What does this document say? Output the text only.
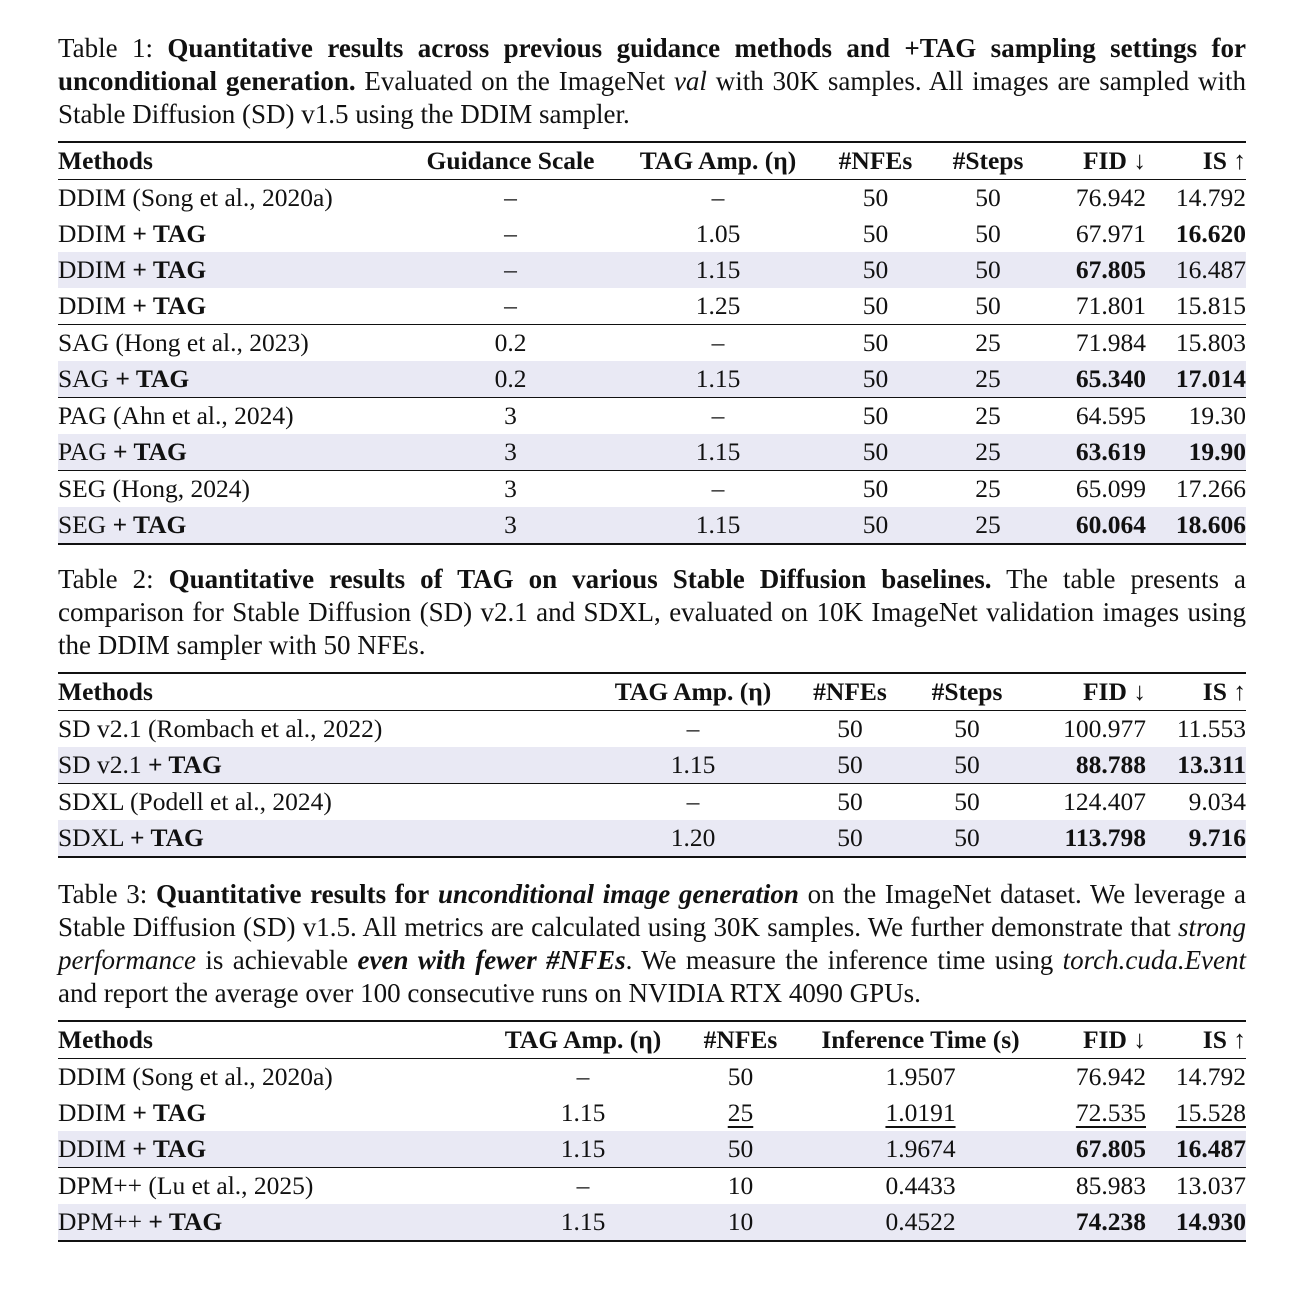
Table 1: Quantitative results across previous guidance methods and +TAG sampling settings for unconditional generation. Evaluated on the ImageNet val with 30K samples. All images are sampled with Stable Diffusion (SD) v1.5 using the DDIM sampler.

Methods	Guidance Scale	TAG Amp. (η)	#NFEs	#Steps	FID ↓	IS ↑
DDIM (Song et al., 2020a)	–	–	50	50	76.942	14.792
DDIM + TAG	–	1.05	50	50	67.971	16.620
DDIM + TAG	–	1.15	50	50	67.805	16.487
DDIM + TAG	–	1.25	50	50	71.801	15.815
SAG (Hong et al., 2023)	0.2	–	50	25	71.984	15.803
SAG + TAG	0.2	1.15	50	25	65.340	17.014
PAG (Ahn et al., 2024)	3	–	50	25	64.595	19.30
PAG + TAG	3	1.15	50	25	63.619	19.90
SEG (Hong, 2024)	3	–	50	25	65.099	17.266
SEG + TAG	3	1.15	50	25	60.064	18.606

Table 2: Quantitative results of TAG on various Stable Diffusion baselines. The table presents a comparison for Stable Diffusion (SD) v2.1 and SDXL, evaluated on 10K ImageNet validation images using the DDIM sampler with 50 NFEs.

Methods	TAG Amp. (η)	#NFEs	#Steps	FID ↓	IS ↑
SD v2.1 (Rombach et al., 2022)	–	50	50	100.977	11.553
SD v2.1 + TAG	1.15	50	50	88.788	13.311
SDXL (Podell et al., 2024)	–	50	50	124.407	9.034
SDXL + TAG	1.20	50	50	113.798	9.716

Table 3: Quantitative results for unconditional image generation on the ImageNet dataset. We leverage a Stable Diffusion (SD) v1.5. All metrics are calculated using 30K samples. We further demonstrate that strong performance is achievable even with fewer #NFEs. We measure the inference time using torch.cuda.Event and report the average over 100 consecutive runs on NVIDIA RTX 4090 GPUs.

Methods	TAG Amp. (η)	#NFEs	Inference Time (s)	FID ↓	IS ↑
DDIM (Song et al., 2020a)	–	50	1.9507	76.942	14.792
DDIM + TAG	1.15	25	1.0191	72.535	15.528
DDIM + TAG	1.15	50	1.9674	67.805	16.487
DPM++ (Lu et al., 2025)	–	10	0.4433	85.983	13.037
DPM++ + TAG	1.15	10	0.4522	74.238	14.930
